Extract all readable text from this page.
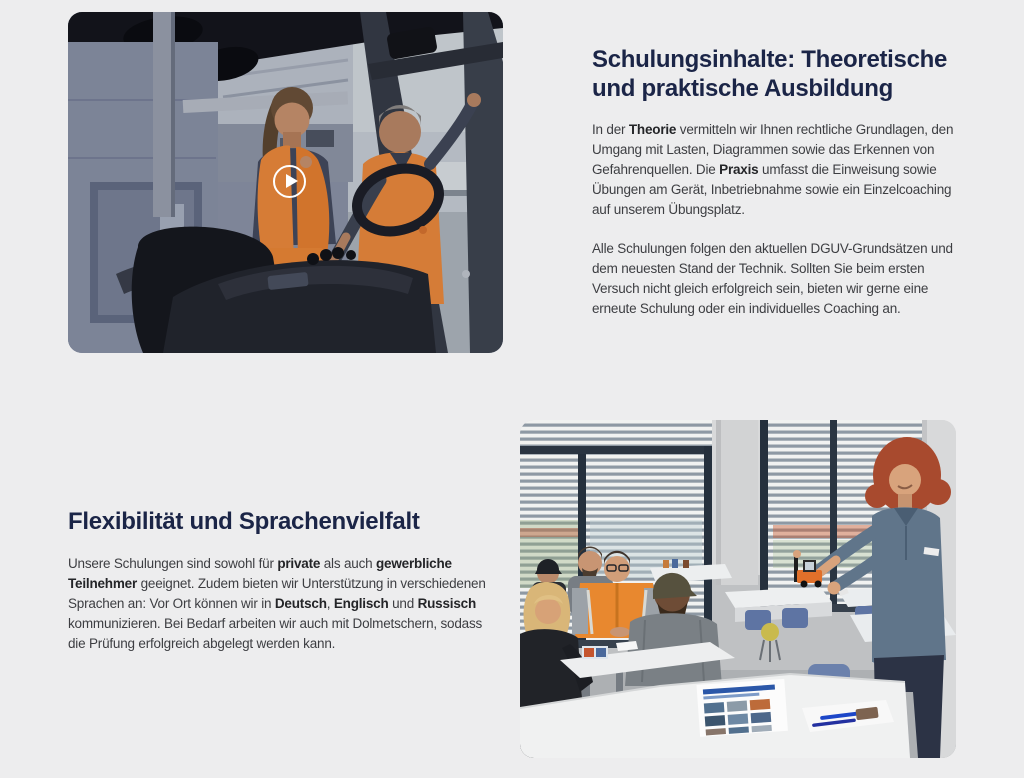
Schulungsinhalte: Theoretische und praktische Ausbildung

In der Theorie vermitteln wir Ihnen rechtliche Grundlagen, den Umgang mit Lasten, Diagrammen sowie das Erkennen von Gefahrenquellen. Die Praxis umfasst die Einweisung sowie Übungen am Gerät, Inbetriebnahme sowie ein Einzelcoaching auf unserem Übungsplatz.

Alle Schulungen folgen den aktuellen DGUV-Grundsätzen und dem neuesten Stand der Technik. Sollten Sie beim ersten Versuch nicht gleich erfolgreich sein, bieten wir gerne eine erneute Schulung oder ein individuelles Coaching an.

Flexibilität und Sprachenvielfalt

Unsere Schulungen sind sowohl für private als auch gewerbliche Teilnehmer geeignet. Zudem bieten wir Unterstützung in verschiedenen Sprachen an: Vor Ort können wir in Deutsch, Englisch und Russisch kommunizieren. Bei Bedarf arbeiten wir auch mit Dolmetschern, sodass die Prüfung erfolgreich abgelegt werden kann.
